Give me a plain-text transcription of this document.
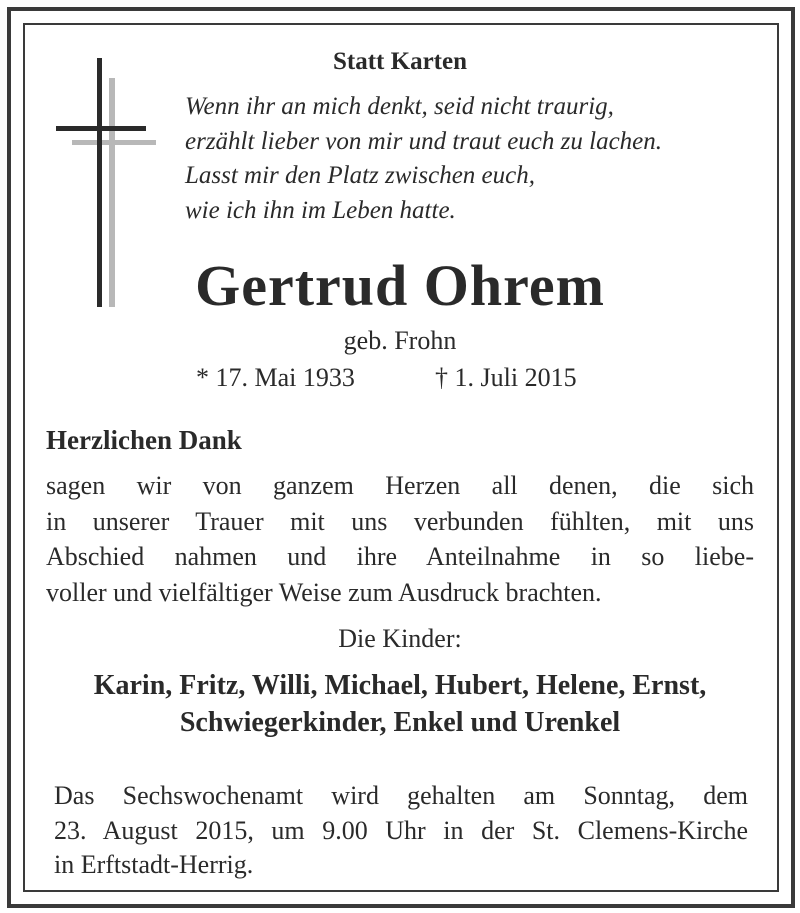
Statt Karten

Wenn ihr an mich denkt, seid nicht traurig,
erzählt lieber von mir und traut euch zu lachen.
Lasst mir den Platz zwischen euch,
wie ich ihn im Leben hatte.

Gertrud Ohrem

geb. Frohn

* 17. Mai 1933	† 1. Juli 2015

Herzlichen Dank

sagen wir von ganzem Herzen all denen, die sich
in unserer Trauer mit uns verbunden fühlten, mit uns
Abschied nahmen und ihre Anteilnahme in so liebe-
voller und vielfältiger Weise zum Ausdruck brachten.

Die Kinder:

Karin, Fritz, Willi, Michael, Hubert, Helene, Ernst,
Schwiegerkinder, Enkel und Urenkel
Das Sechswochenamt wird gehalten am Sonntag, dem
23. August 2015, um 9.00 Uhr in der St. Clemens-Kirche
in Erftstadt-Herrig.
